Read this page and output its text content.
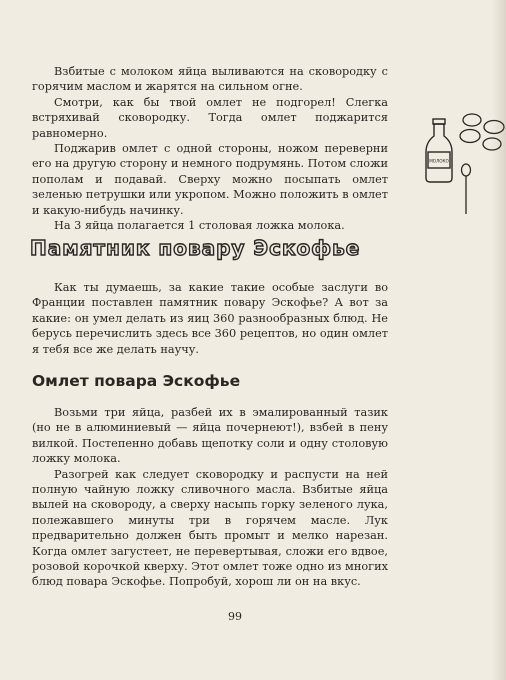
Взбитые с молоком яйца выливаются на сковородку с горячим маслом и жарятся на сильном огне.

Смотри, как бы твой омлет не подгорел! Слегка встряхивай сковородку. Тогда омлет поджарится равномерно.

Поджарив омлет с одной стороны, ножом переверни его на другую сторону и немного подрумянь. Потом сложи пополам и подавай. Сверху можно посыпать омлет зеленью петрушки или укропом. Можно положить в омлет и какую-нибудь начинку.

На 3 яйца полагается 1 столовая ложка молока.

МОЛОКО
Памятник повару Эскофье

Как ты думаешь, за какие такие особые заслуги во Франции поставлен памятник повару Эскофье? А вот за какие: он умел делать из яиц 360 разнообразных блюд. Не берусь перечислить здесь все 360 рецептов, но один омлет я тебя все же делать научу.

Омлет повара Эскофье

Возьми три яйца, разбей их в эмалированный тазик (но не в алюминиевый — яйца почернеют!), взбей в пену вилкой. Постепенно добавь щепотку соли и одну столовую ложку молока.

Разогрей как следует сковородку и распусти на ней полную чайную ложку сливочного масла. Взбитые яйца вылей на сковороду, а сверху насыпь горку зеленого лука, полежавшего минуты три в горячем масле. Лук предварительно должен быть промыт и мелко нарезан. Когда омлет загустеет, не перевертывая, сложи его вдвое, розовой корочкой кверху. Этот омлет тоже одно из многих блюд повара Эскофье. Попробуй, хорош ли он на вкус.

99
